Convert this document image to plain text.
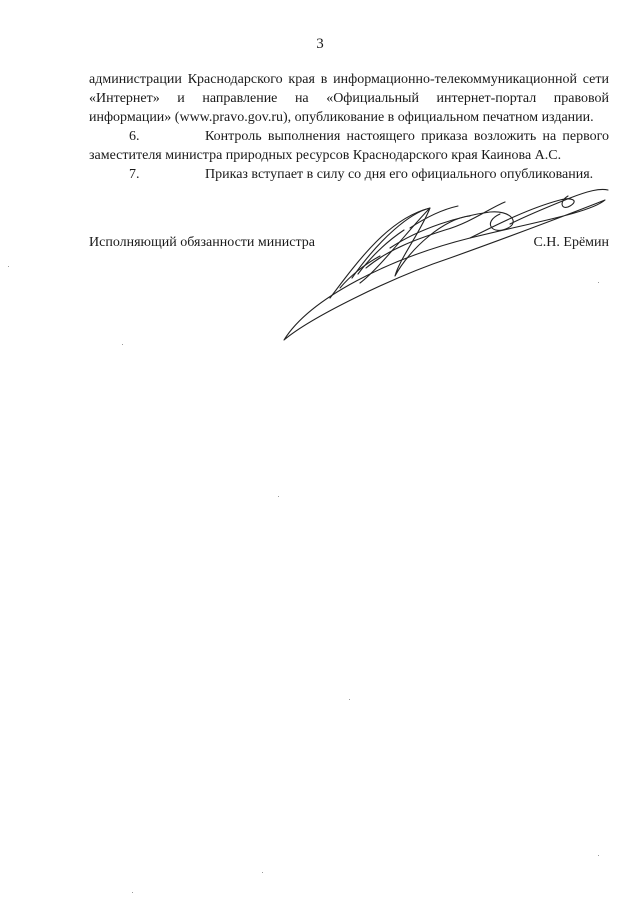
3

администрации Краснодарского края в информационно-телекоммуникационной сети «Интернет» и направление на «Официальный интернет-портал правовой информации» (www.pravo.gov.ru), опубликование в официальном печатном издании.

6.	Контроль выполнения настоящего приказа возложить на первого

заместителя министра природных ресурсов Краснодарского края Каинова А.С.

7.	Приказ вступает в силу со дня его официального опубликования.
Исполняющий обязанности министра	С.Н. Ерёмин
